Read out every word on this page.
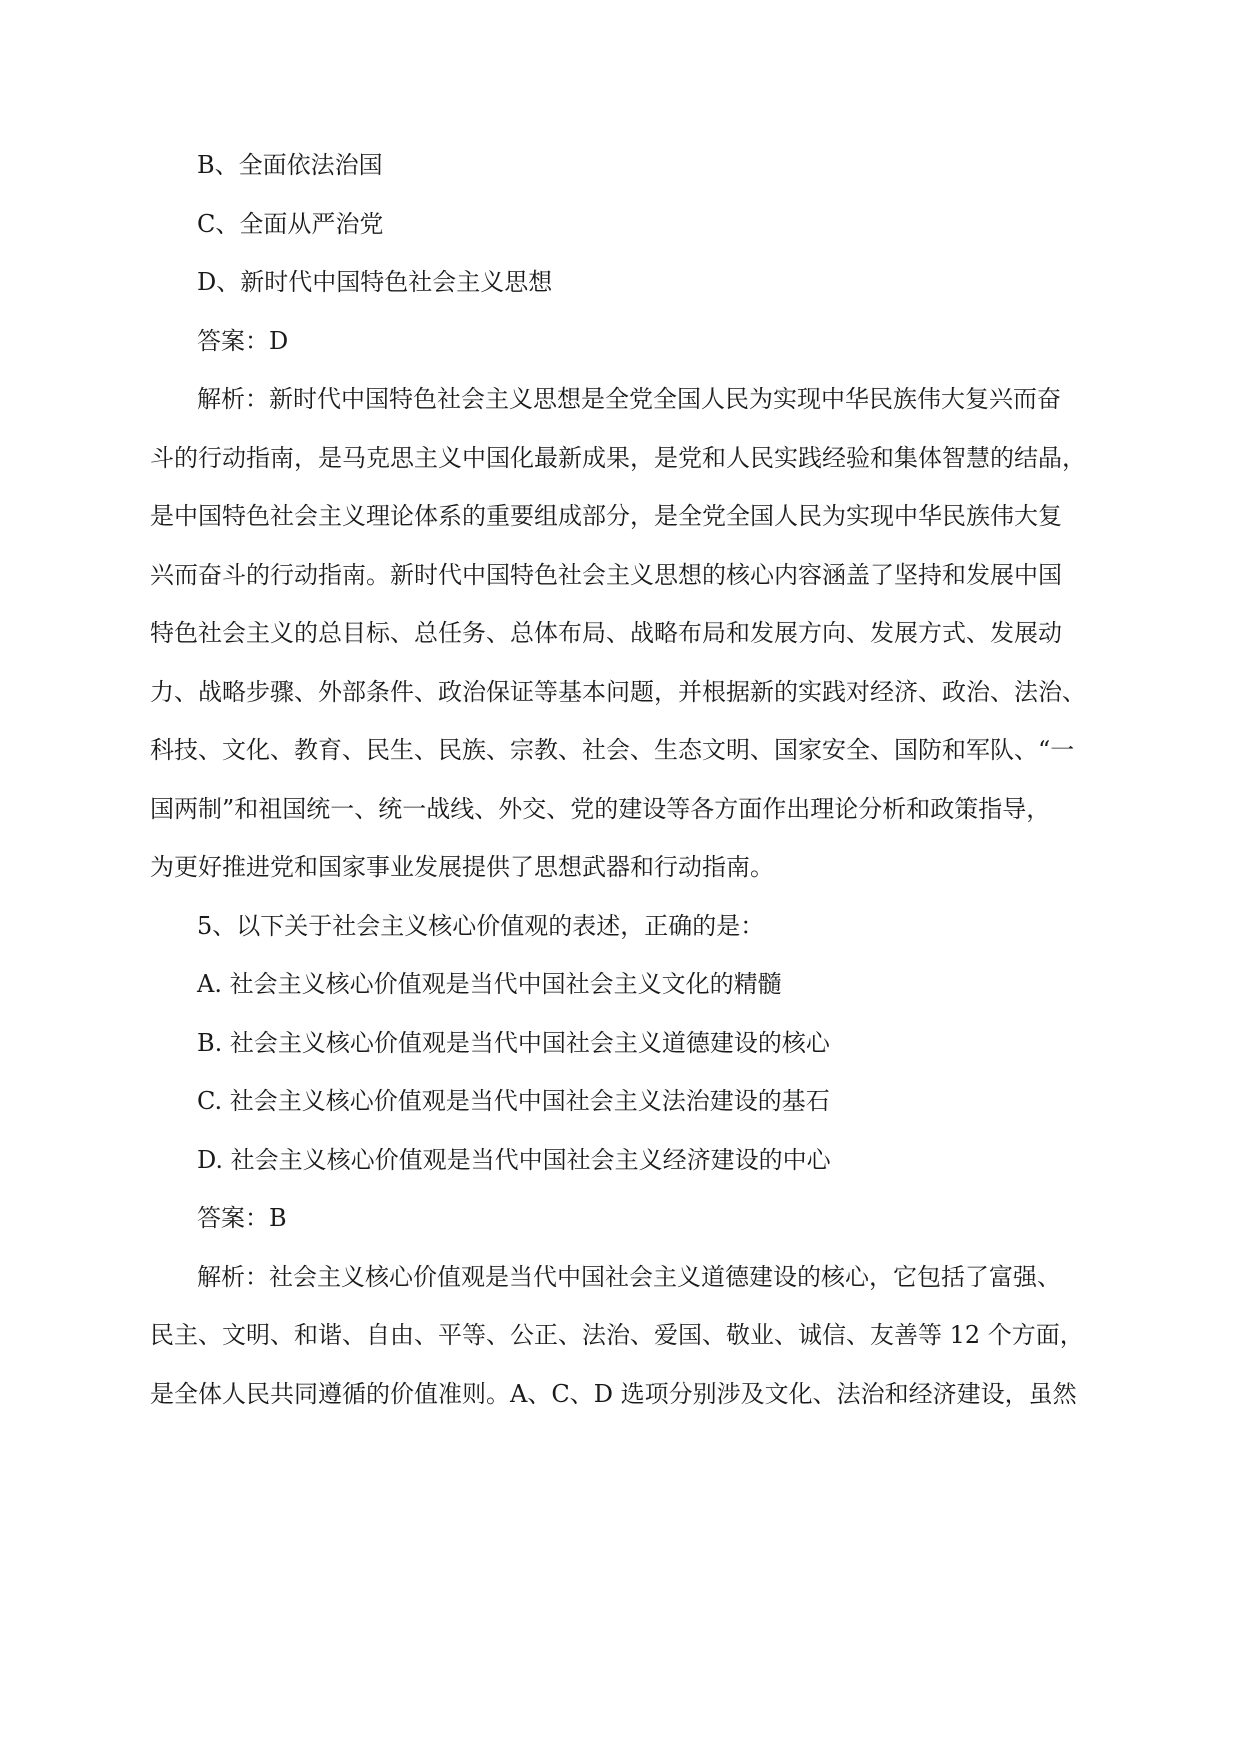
B、全面依法治国
C、全面从严治党
D、新时代中国特色社会主义思想
答案：D
解析：新时代中国特色社会主义思想是全党全国人民为实现中华民族伟大复兴而奋
斗的行动指南，是马克思主义中国化最新成果，是党和人民实践经验和集体智慧的结晶，
是中国特色社会主义理论体系的重要组成部分，是全党全国人民为实现中华民族伟大复
兴而奋斗的行动指南。新时代中国特色社会主义思想的核心内容涵盖了坚持和发展中国
特色社会主义的总目标、总任务、总体布局、战略布局和发展方向、发展方式、发展动
力、战略步骤、外部条件、政治保证等基本问题，并根据新的实践对经济、政治、法治、
科技、文化、教育、民生、民族、宗教、社会、生态文明、国家安全、国防和军队、“一
国两制”和祖国统一、统一战线、外交、党的建设等各方面作出理论分析和政策指导，
为更好推进党和国家事业发展提供了思想武器和行动指南。
5、以下关于社会主义核心价值观的表述，正确的是：
A. 社会主义核心价值观是当代中国社会主义文化的精髓
B. 社会主义核心价值观是当代中国社会主义道德建设的核心
C. 社会主义核心价值观是当代中国社会主义法治建设的基石
D. 社会主义核心价值观是当代中国社会主义经济建设的中心
答案：B
解析：社会主义核心价值观是当代中国社会主义道德建设的核心，它包括了富强、
民主、文明、和谐、自由、平等、公正、法治、爱国、敬业、诚信、友善等 12 个方面，
是全体人民共同遵循的价值准则。A、C、D 选项分别涉及文化、法治和经济建设，虽然
